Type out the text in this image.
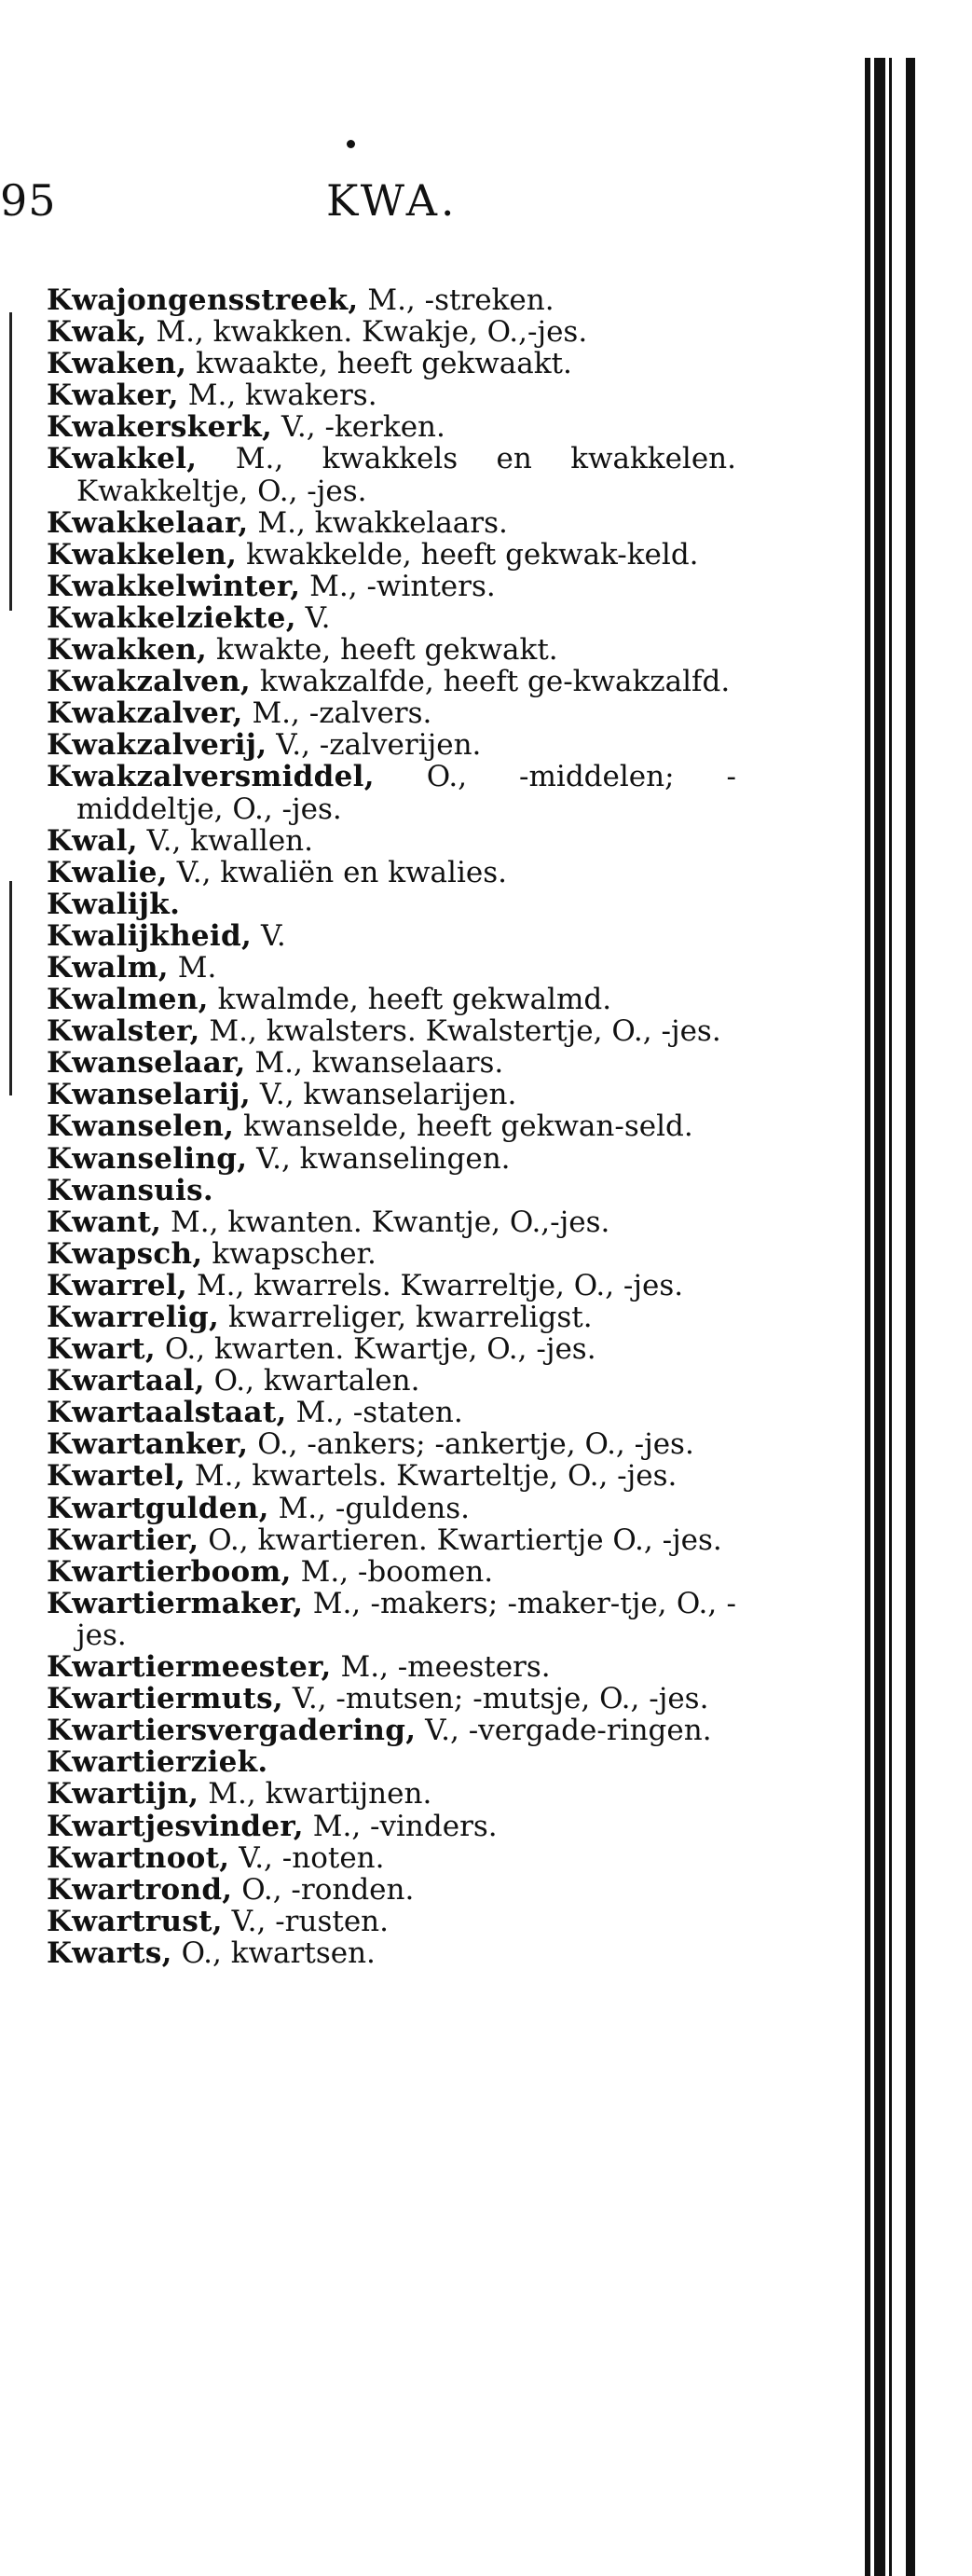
95	KWA.
Kwajongensstreek, M., -streken.
Kwak, M., kwakken. Kwakje, O.,-jes.
Kwaken, kwaakte, heeft gekwaakt.
Kwaker, M., kwakers.
Kwakerskerk, V., -kerken.
Kwakkel, M., kwakkels en kwakkelen. Kwakkeltje, O., -jes.
Kwakkelaar, M., kwakkelaars.
Kwakkelen, kwakkelde, heeft gekwak-keld.
Kwakkelwinter, M., -winters.
Kwakkelziekte, V.
Kwakken, kwakte, heeft gekwakt.
Kwakzalven, kwakzalfde, heeft ge-kwakzalfd.
Kwakzalver, M., -zalvers.
Kwakzalverij, V., -zalverijen.
Kwakzalversmiddel, O., -middelen; -middeltje, O., -jes.
Kwal, V., kwallen.
Kwalie, V., kwaliën en kwalies.
Kwalijk.
Kwalijkheid, V.
Kwalm, M.
Kwalmen, kwalmde, heeft gekwalmd.
Kwalster, M., kwalsters. Kwalstertje, O., -jes.
Kwanselaar, M., kwanselaars.
Kwanselarij, V., kwanselarijen.
Kwanselen, kwanselde, heeft gekwan-seld.
Kwanseling, V., kwanselingen.
Kwansuis.
Kwant, M., kwanten. Kwantje, O.,-jes.
Kwapsch, kwapscher.
Kwarrel, M., kwarrels. Kwarreltje, O., -jes.
Kwarrelig, kwarreliger, kwarreligst.
Kwart, O., kwarten. Kwartje, O., -jes.
Kwartaal, O., kwartalen.
Kwartaalstaat, M., -staten.
Kwartanker, O., -ankers; -ankertje, O., -jes.
Kwartel, M., kwartels. Kwarteltje, O., -jes.
Kwartgulden, M., -guldens.
Kwartier, O., kwartieren. Kwartiertje O., -jes.
Kwartierboom, M., -boomen.
Kwartiermaker, M., -makers; -maker-tje, O., -jes.
Kwartiermeester, M., -meesters.
Kwartiermuts, V., -mutsen; -mutsje, O., -jes.
Kwartiersvergadering, V., -vergade-ringen.
Kwartierziek.
Kwartijn, M., kwartijnen.
Kwartjesvinder, M., -vinders.
Kwartnoot, V., -noten.
Kwartrond, O., -ronden.
Kwartrust, V., -rusten.
Kwarts, O., kwartsen.
